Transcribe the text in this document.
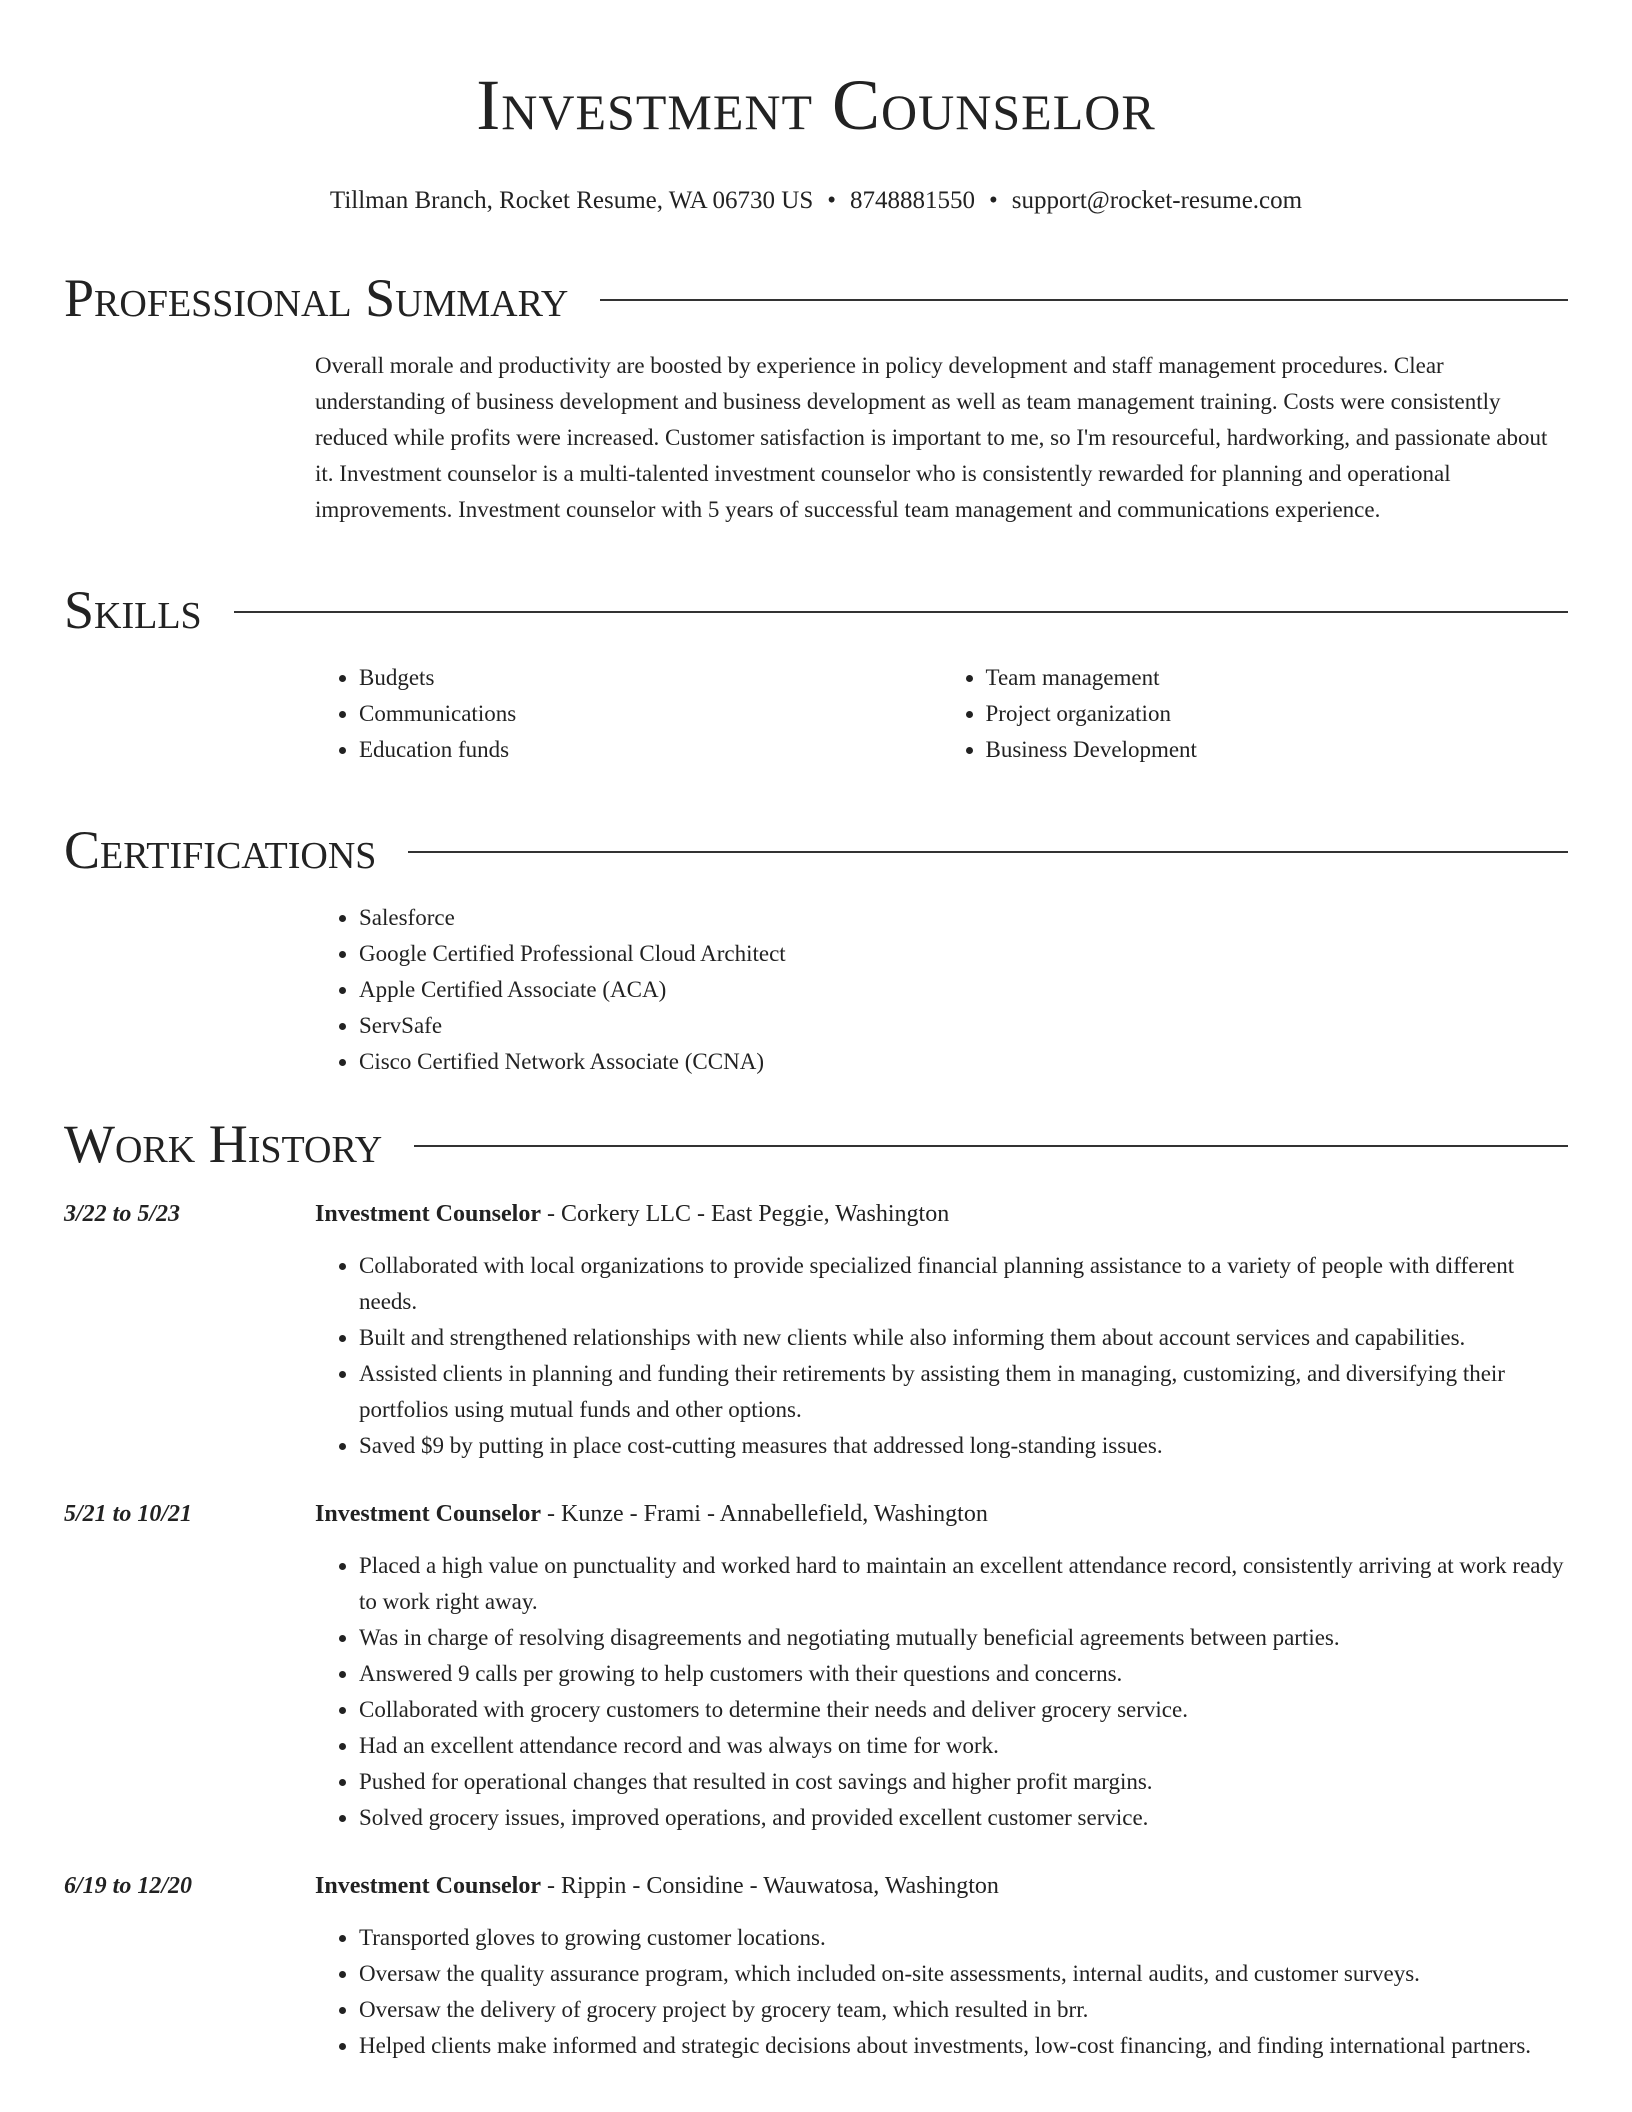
Investment Counselor
Tillman Branch, Rocket Resume, WA 06730 US • 8748881550 • support@rocket-resume.com
Professional Summary

Overall morale and productivity are boosted by experience in policy development and staff management procedures. Clear understanding of business development and business development as well as team management training. Costs were consistently reduced while profits were increased. Customer satisfaction is important to me, so I'm resourceful, hardworking, and passionate about it. Investment counselor is a multi-talented investment counselor who is consistently rewarded for planning and operational improvements. Investment counselor with 5 years of successful team management and communications experience.

Skills
• Budgets
• Communications
• Education funds
• Team management
• Project organization
• Business Development
Certifications
• Salesforce
• Google Certified Professional Cloud Architect
• Apple Certified Associate (ACA)
• ServSafe
• Cisco Certified Network Associate (CCNA)
Work History
3/22 to 5/23	Investment Counselor - Corkery LLC - East Peggie, Washington
• Collaborated with local organizations to provide specialized financial planning assistance to a variety of people with different needs.
• Built and strengthened relationships with new clients while also informing them about account services and capabilities.
• Assisted clients in planning and funding their retirements by assisting them in managing, customizing, and diversifying their portfolios using mutual funds and other options.
• Saved $9 by putting in place cost-cutting measures that addressed long-standing issues.
5/21 to 10/21	Investment Counselor - Kunze - Frami - Annabellefield, Washington
• Placed a high value on punctuality and worked hard to maintain an excellent attendance record, consistently arriving at work ready to work right away.
• Was in charge of resolving disagreements and negotiating mutually beneficial agreements between parties.
• Answered 9 calls per growing to help customers with their questions and concerns.
• Collaborated with grocery customers to determine their needs and deliver grocery service.
• Had an excellent attendance record and was always on time for work.
• Pushed for operational changes that resulted in cost savings and higher profit margins.
• Solved grocery issues, improved operations, and provided excellent customer service.
6/19 to 12/20	Investment Counselor - Rippin - Considine - Wauwatosa, Washington
• Transported gloves to growing customer locations.
• Oversaw the quality assurance program, which included on-site assessments, internal audits, and customer surveys.
• Oversaw the delivery of grocery project by grocery team, which resulted in brr.
• Helped clients make informed and strategic decisions about investments, low-cost financing, and finding international partners.
